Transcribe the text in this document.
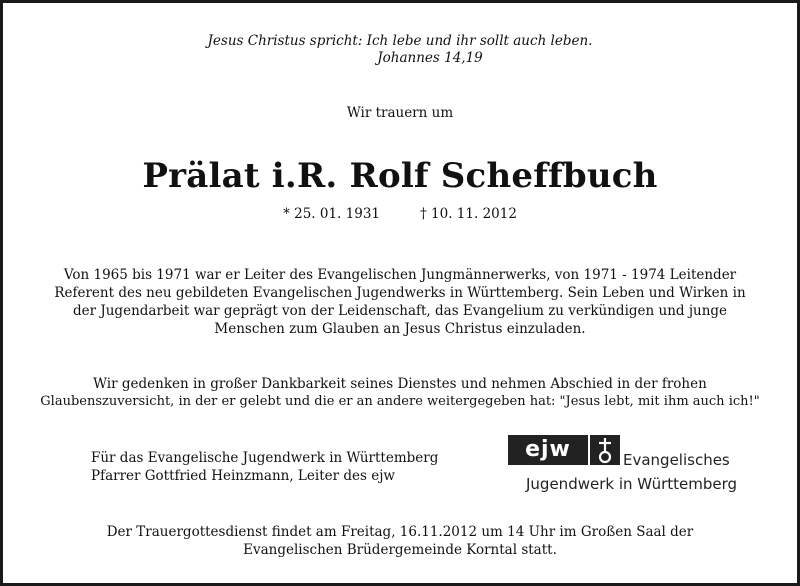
Jesus Christus spricht: Ich lebe und ihr sollt auch leben.
Johannes 14,19
Wir trauern um
Prälat i.R. Rolf Scheffbuch
* 25. 01. 1931	† 10. 11. 2012
Von 1965 bis 1971 war er Leiter des Evangelischen Jungmännerwerks, von 1971 - 1974 Leitender
Referent des neu gebildeten Evangelischen Jugendwerks in Württemberg. Sein Leben und Wirken in
der Jugendarbeit war geprägt von der Leidenschaft, das Evangelium zu verkündigen und junge
Menschen zum Glauben an Jesus Christus einzuladen.
Wir gedenken in großer Dankbarkeit seines Dienstes und nehmen Abschied in der frohen
Glaubenszuversicht, in der er gelebt und die er an andere weitergegeben hat: "Jesus lebt, mit ihm auch ich!"
Für das Evangelische Jugendwerk in Württemberg
Pfarrer Gottfried Heinzmann, Leiter des ejw
ejw	Evangelisches
Jugendwerk in Württemberg
Der Trauergottesdienst findet am Freitag, 16.11.2012 um 14 Uhr im Großen Saal der
Evangelischen Brüdergemeinde Korntal statt.
